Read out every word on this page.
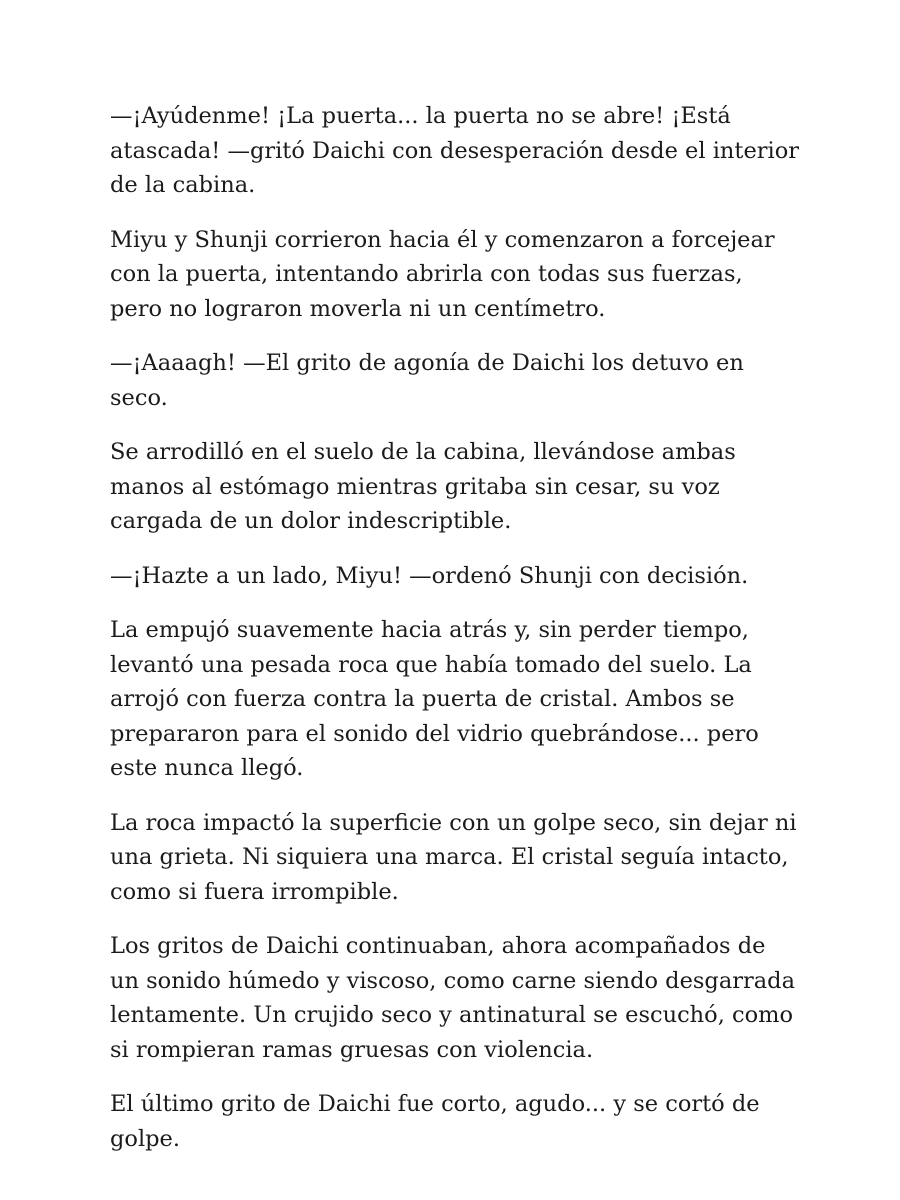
—¡Ayúdenme! ¡La puerta... la puerta no se abre! ¡Está atascada! —gritó Daichi con desesperación desde el interior de la cabina.

Miyu y Shunji corrieron hacia él y comenzaron a forcejear con la puerta, intentando abrirla con todas sus fuerzas, pero no lograron moverla ni un centímetro.

—¡Aaaagh! —El grito de agonía de Daichi los detuvo en seco.

Se arrodilló en el suelo de la cabina, llevándose ambas manos al estómago mientras gritaba sin cesar, su voz cargada de un dolor indescriptible.

—¡Hazte a un lado, Miyu! —ordenó Shunji con decisión.

La empujó suavemente hacia atrás y, sin perder tiempo, levantó una pesada roca que había tomado del suelo. La arrojó con fuerza contra la puerta de cristal. Ambos se prepararon para el sonido del vidrio quebrándose... pero este nunca llegó.

La roca impactó la superficie con un golpe seco, sin dejar ni una grieta. Ni siquiera una marca. El cristal seguía intacto, como si fuera irrompible.

Los gritos de Daichi continuaban, ahora acompañados de un sonido húmedo y viscoso, como carne siendo desgarrada lentamente. Un crujido seco y antinatural se escuchó, como si rompieran ramas gruesas con violencia.

El último grito de Daichi fue corto, agudo... y se cortó de golpe.
